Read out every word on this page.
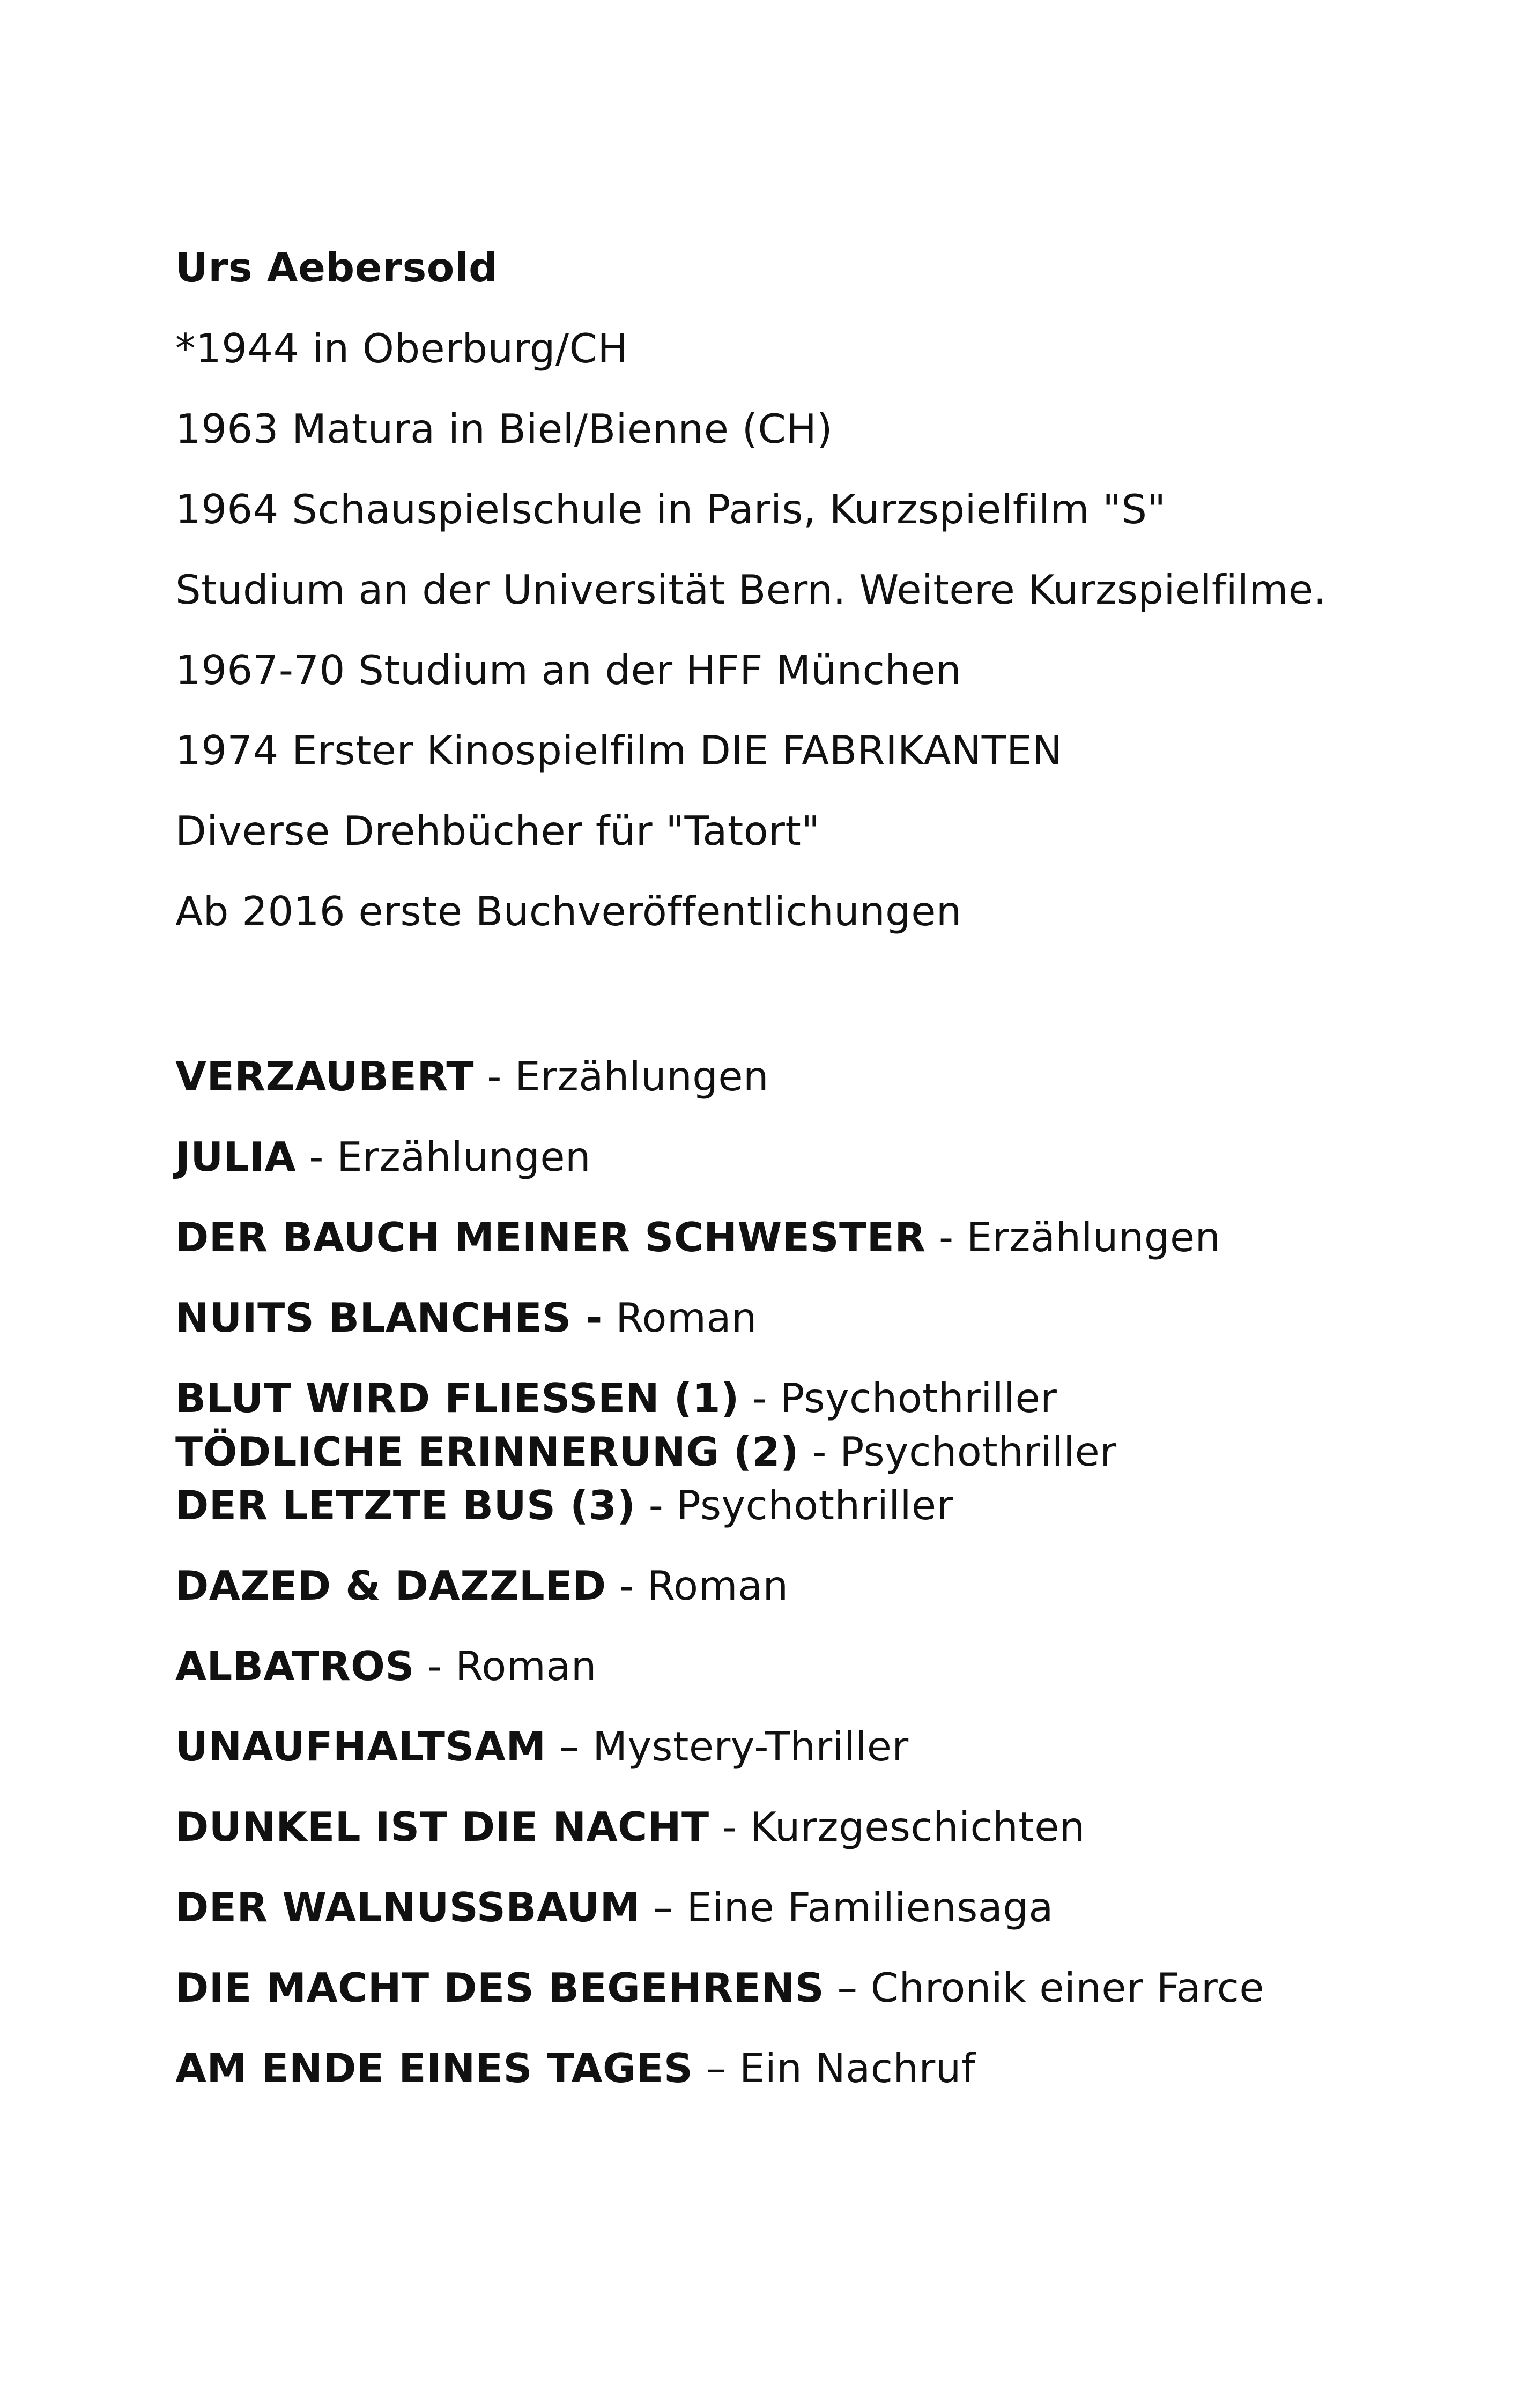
Urs Aebersold
*1944 in Oberburg/CH
1963 Matura in Biel/Bienne (CH)
1964 Schauspielschule in Paris, Kurzspielfilm "S"
Studium an der Universität Bern. Weitere Kurzspielfilme.
1967-70 Studium an der HFF München
1974 Erster Kinospielfilm DIE FABRIKANTEN
Diverse Drehbücher für "Tatort"
Ab 2016 erste Buchveröffentlichungen
VERZAUBERT - Erzählungen
JULIA - Erzählungen
DER BAUCH MEINER SCHWESTER - Erzählungen
NUITS BLANCHES - Roman
BLUT WIRD FLIESSEN (1) - Psychothriller
TÖDLICHE ERINNERUNG (2) - Psychothriller
DER LETZTE BUS (3) - Psychothriller
DAZED & DAZZLED - Roman
ALBATROS - Roman
UNAUFHALTSAM – Mystery-Thriller
DUNKEL IST DIE NACHT - Kurzgeschichten
DER WALNUSSBAUM – Eine Familiensaga
DIE MACHT DES BEGEHRENS – Chronik einer Farce
AM ENDE EINES TAGES – Ein Nachruf
